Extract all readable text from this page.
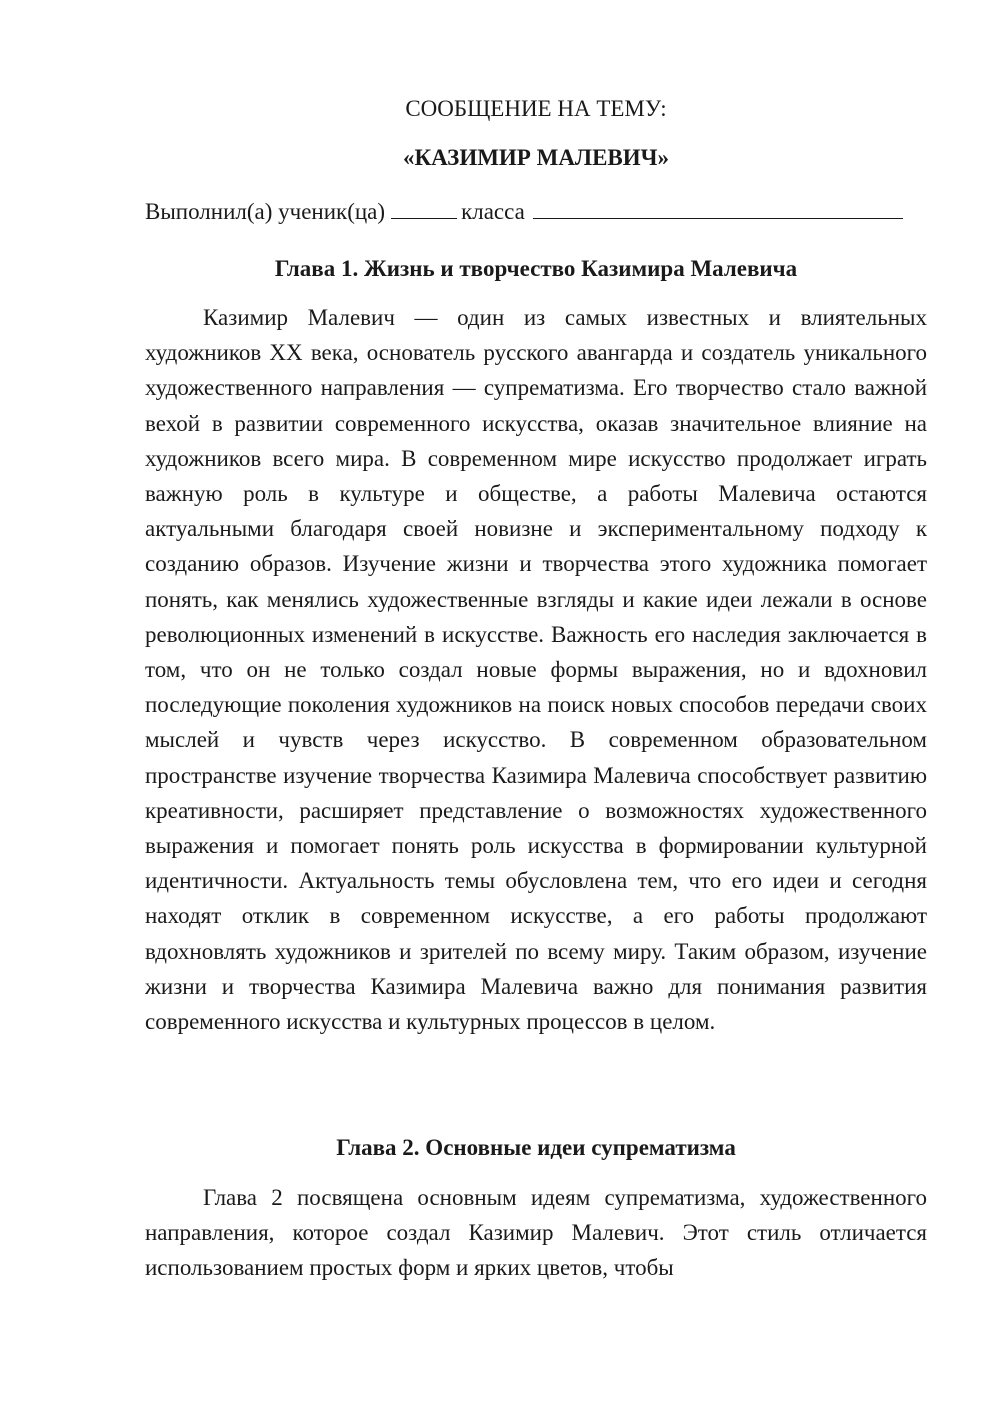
СООБЩЕНИЕ НА ТЕМУ:
«КАЗИМИР МАЛЕВИЧ»
Выполнил(а) ученик(ца)	класса
Глава 1. Жизнь и творчество Казимира Малевича

Казимир Малевич — один из самых известных и влиятельных художников XX века, основатель русского авангарда и создатель уникального художественного направления — супрематизма. Его творчество стало важной вехой в развитии современного искусства, оказав значительное влияние на художников всего мира. В современном мире искусство продолжает играть важную роль в культуре и обществе, а работы Малевича остаются актуальными благодаря своей новизне и экспериментальному подходу к созданию образов. Изучение жизни и творчества этого художника помогает понять, как менялись художественные взгляды и какие идеи лежали в основе революционных изменений в искусстве. Важность его наследия заключается в том, что он не только создал новые формы выражения, но и вдохновил последующие поколения художников на поиск новых способов передачи своих мыслей и чувств через искусство. В современном образовательном пространстве изучение творчества Казимира Малевича способствует развитию креативности, расширяет представление о возможностях художественного выражения и помогает понять роль искусства в формировании культурной идентичности. Актуальность темы обусловлена тем, что его идеи и сегодня находят отклик в современном искусстве, а его работы продолжают вдохновлять художников и зрителей по всему миру. Таким образом, изучение жизни и творчества Казимира Малевича важно для понимания развития современного искусства и культурных процессов в целом.

Глава 2. Основные идеи супрематизма

Глава 2 посвящена основным идеям супрематизма, художественного направления, которое создал Казимир Малевич. Этот стиль отличается использованием простых форм и ярких цветов, чтобы
